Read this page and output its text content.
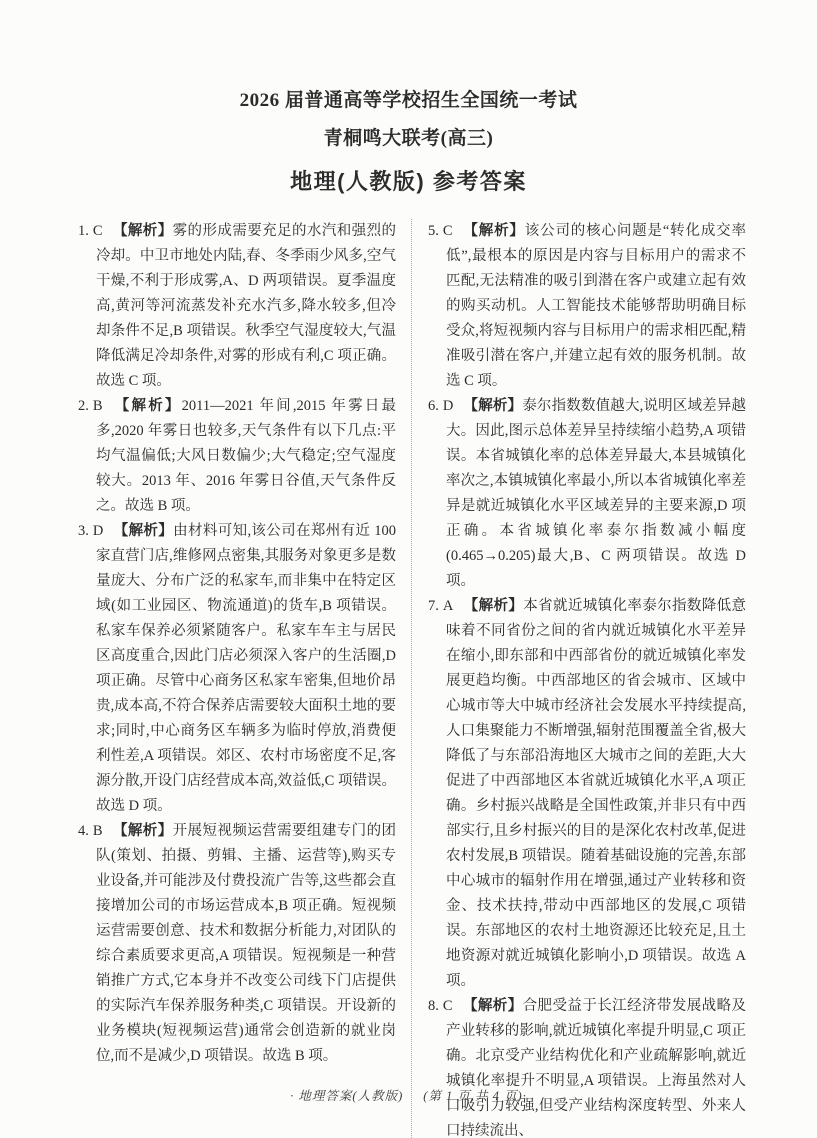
2026 届普通高等学校招生全国统一考试
青桐鸣大联考(高三)
地理(人教版) 参考答案
1. C 【解析】雾的形成需要充足的水汽和强烈的冷却。中卫市地处内陆,春、冬季雨少风多,空气干燥,不利于形成雾,A、D 两项错误。夏季温度高,黄河等河流蒸发补充水汽多,降水较多,但冷却条件不足,B 项错误。秋季空气湿度较大,气温降低满足冷却条件,对雾的形成有利,C 项正确。故选 C 项。
2. B 【解析】2011—2021 年间,2015 年雾日最多,2020 年雾日也较多,天气条件有以下几点:平均气温偏低;大风日数偏少;大气稳定;空气湿度较大。2013 年、2016 年雾日谷值,天气条件反之。故选 B 项。
3. D 【解析】由材料可知,该公司在郑州有近 100 家直营门店,维修网点密集,其服务对象更多是数量庞大、分布广泛的私家车,而非集中在特定区域(如工业园区、物流通道)的货车,B 项错误。私家车保养必须紧随客户。私家车车主与居民区高度重合,因此门店必须深入客户的生活圈,D 项正确。尽管中心商务区私家车密集,但地价昂贵,成本高,不符合保养店需要较大面积土地的要求;同时,中心商务区车辆多为临时停放,消费便利性差,A 项错误。郊区、农村市场密度不足,客源分散,开设门店经营成本高,效益低,C 项错误。故选 D 项。
4. B 【解析】开展短视频运营需要组建专门的团队(策划、拍摄、剪辑、主播、运营等),购买专业设备,并可能涉及付费投流广告等,这些都会直接增加公司的市场运营成本,B 项正确。短视频运营需要创意、技术和数据分析能力,对团队的综合素质要求更高,A 项错误。短视频是一种营销推广方式,它本身并不改变公司线下门店提供的实际汽车保养服务种类,C 项错误。开设新的业务模块(短视频运营)通常会创造新的就业岗位,而不是减少,D 项错误。故选 B 项。
5. C 【解析】该公司的核心问题是“转化成交率低”,最根本的原因是内容与目标用户的需求不匹配,无法精准的吸引到潜在客户或建立起有效的购买动机。人工智能技术能够帮助明确目标受众,将短视频内容与目标用户的需求相匹配,精准吸引潜在客户,并建立起有效的服务机制。故选 C 项。
6. D 【解析】泰尔指数数值越大,说明区域差异越大。因此,图示总体差异呈持续缩小趋势,A 项错误。本省城镇化率的总体差异最大,本县城镇化率次之,本镇城镇化率最小,所以本省城镇化率差异是就近城镇化水平区域差异的主要来源,D 项正确。本省城镇化率泰尔指数减小幅度(0.465→0.205)最大,B、C 两项错误。故选 D 项。
7. A 【解析】本省就近城镇化率泰尔指数降低意味着不同省份之间的省内就近城镇化水平差异在缩小,即东部和中西部省份的就近城镇化率发展更趋均衡。中西部地区的省会城市、区域中心城市等大中城市经济社会发展水平持续提高,人口集聚能力不断增强,辐射范围覆盖全省,极大降低了与东部沿海地区大城市之间的差距,大大促进了中西部地区本省就近城镇化水平,A 项正确。乡村振兴战略是全国性政策,并非只有中西部实行,且乡村振兴的目的是深化农村改革,促进农村发展,B 项错误。随着基础设施的完善,东部中心城市的辐射作用在增强,通过产业转移和资金、技术扶持,带动中西部地区的发展,C 项错误。东部地区的农村土地资源还比较充足,且土地资源对就近城镇化影响小,D 项错误。故选 A 项。
8. C 【解析】合肥受益于长江经济带发展战略及产业转移的影响,就近城镇化率提升明显,C 项正确。北京受产业结构优化和产业疏解影响,就近城镇化率提升不明显,A 项错误。上海虽然对人口吸引力较强,但受产业结构深度转型、外来人口持续流出、
· 地理答案(人教版) (第 1 页,共 4 页)·
